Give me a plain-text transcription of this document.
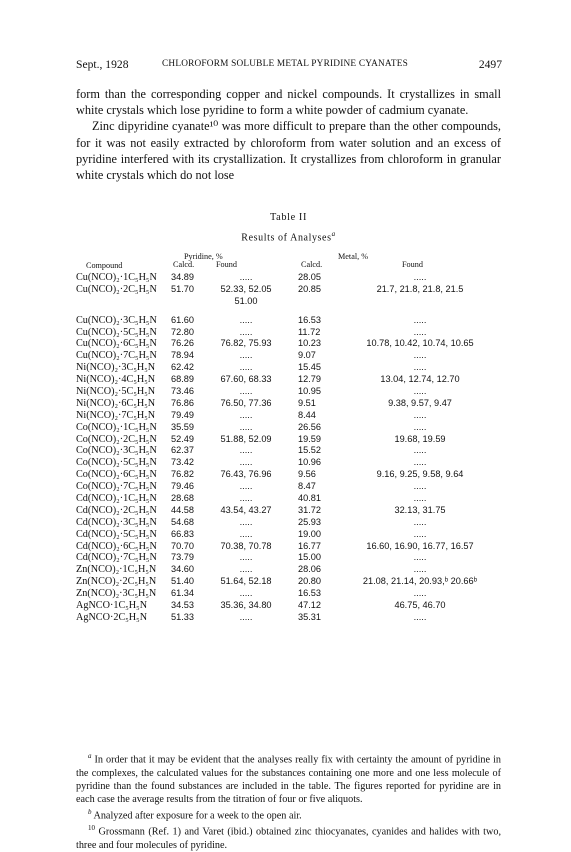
Sept., 1928	CHLOROFORM SOLUBLE METAL PYRIDINE CYANATES	2497

form than the corresponding copper and nickel compounds. It crystallizes in small white crystals which lose pyridine to form a white powder of cadmium cyanate.

Zinc dipyridine cyanate¹⁰ was more difficult to prepare than the other compounds, for it was not easily extracted by chloroform from water solution and an excess of pyridine interfered with its crystallization. It crystallizes from chloroform in granular white crystals which do not lose

Table II
Results of Analyses$^a$
Compound
Pyridine, %
Calcd.	Found
Metal, %
Calcd.	Found
Cu(NCO)₂·1C₅H₅N 34.89	.....	28.05	.....
Cu(NCO)₂·2C₅H₅N 51.70	52.33, 52.05	20.85	21.7, 21.8, 21.8, 21.5
51.00
Cu(NCO)₂·3C₅H₅N 61.60	.....	16.53	.....
Cu(NCO)₂·5C₅H₅N 72.80	.....	11.72	.....
Cu(NCO)₂·6C₅H₅N 76.26	76.82, 75.93	10.23	10.78, 10.42, 10.74, 10.65
Cu(NCO)₂·7C₅H₅N 78.94	.....	9.07	.....
Ni(NCO)₂·3C₅H₅N 62.42	.....	15.45	.....
Ni(NCO)₂·4C₅H₅N 68.89	67.60, 68.33	12.79	13.04, 12.74, 12.70
Ni(NCO)₂·5C₅H₅N 73.46	.....	10.95	.....
Ni(NCO)₂·6C₅H₅N 76.86	76.50, 77.36	9.51	9.38, 9.57, 9.47
Ni(NCO)₂·7C₅H₅N 79.49	.....	8.44	.....
Co(NCO)₂·1C₅H₅N 35.59	.....	26.56	.....
Co(NCO)₂·2C₅H₅N 52.49	51.88, 52.09	19.59	19.68, 19.59
Co(NCO)₂·3C₅H₅N 62.37	.....	15.52	.....
Co(NCO)₂·5C₅H₅N 73.42	.....	10.96	.....
Co(NCO)₂·6C₅H₅N 76.82	76.43, 76.96	9.56	9.16, 9.25, 9.58, 9.64
Co(NCO)₂·7C₅H₅N 79.46	.....	8.47	.....
Cd(NCO)₂·1C₅H₅N 28.68	.....	40.81	.....
Cd(NCO)₂·2C₅H₅N 44.58	43.54, 43.27	31.72	32.13, 31.75
Cd(NCO)₂·3C₅H₅N 54.68	.....	25.93	.....
Cd(NCO)₂·5C₅H₅N 66.83	.....	19.00	.....
Cd(NCO)₂·6C₅H₅N 70.70	70.38, 70.78	16.77	16.60, 16.90, 16.77, 16.57
Cd(NCO)₂·7C₅H₅N 73.79	.....	15.00	.....
Zn(NCO)₂·1C₅H₅N 34.60	.....	28.06	.....
Zn(NCO)₂·2C₅H₅N 51.40	51.64, 52.18	20.80	21.08, 21.14, 20.93,ᵇ 20.66ᵇ
Zn(NCO)₂·3C₅H₅N 61.34	.....	16.53	.....
AgNCO·1C₅H₅N	34.53	35.36, 34.80	47.12	46.75, 46.70
AgNCO·2C₅H₅N	51.33	.....	35.31	.....

$^a$ In order that it may be evident that the analyses really fix with certainty the amount of pyridine in the complexes, the calculated values for the substances containing one more and one less molecule of pyridine than the found substances are included in the table. The figures reported for pyridine are in each case the average results from the titration of four or five aliquots.

$^b$ Analyzed after exposure for a week to the open air.

$^{10}$ Grossmann (Ref. 1) and Varet (ibid.) obtained zinc thiocyanates, cyanides and halides with two, three and four molecules of pyridine.
